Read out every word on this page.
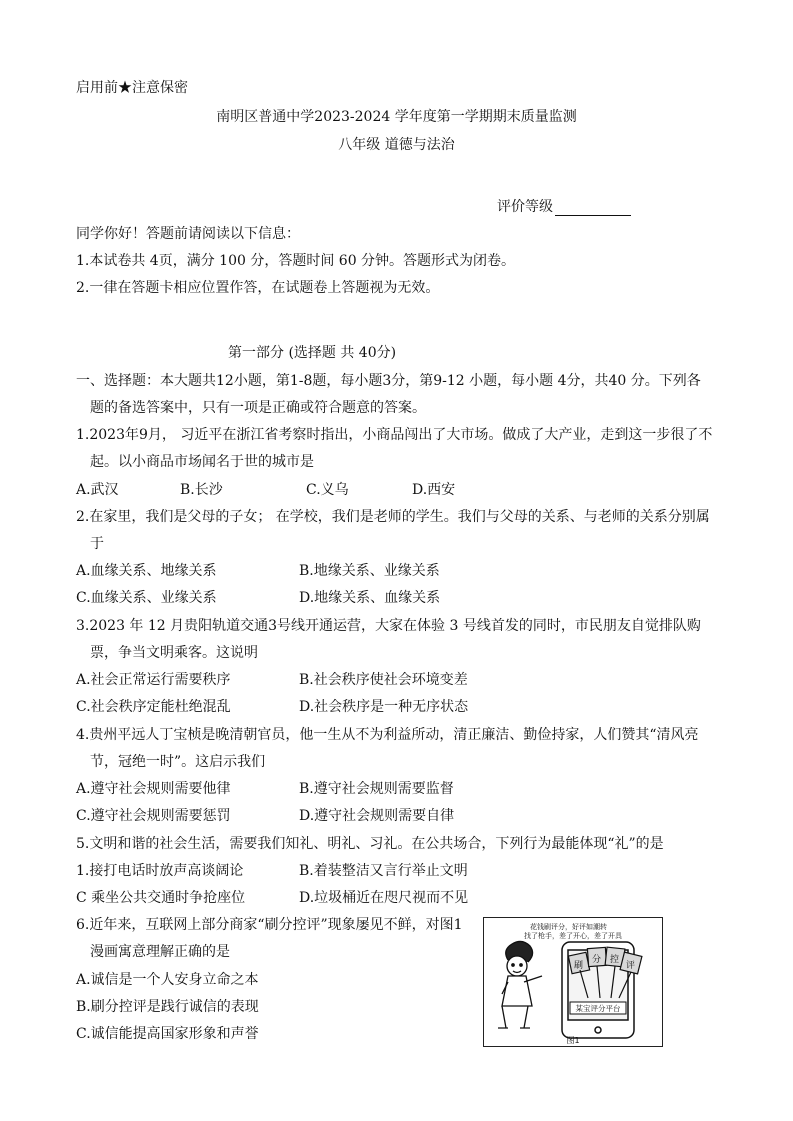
启用前★注意保密
南明区普通中学2023-2024 学年度第一学期期末质量监测
八年级 道德与法治
评价等级
同学你好！答题前请阅读以下信息：
1.本试卷共 4页，满分 100 分，答题时间 60 分钟。答题形式为闭卷。
2.一律在答题卡相应位置作答，在试题卷上答题视为无效。
第一部分 (选择题 共 40分)
一、选择题：本大题共12小题，第1-8题，每小题3分，第9-12 小题，每小题 4分，共40 分。下列各
题的备选答案中，只有一项是正确或符合题意的答案。
1.2023年9月， 习近平在浙江省考察时指出，小商品闯出了大市场。做成了大产业，走到这一步很了不
起。以小商品市场闻名于世的城市是
A.武汉	B.长沙	C.义乌	D.西安
2.在家里，我们是父母的子女； 在学校，我们是老师的学生。我们与父母的关系、与老师的关系分别属
于
A.血缘关系、地缘关系	B.地缘关系、业缘关系
C.血缘关系、业缘关系	D.地缘关系、血缘关系
3.2023 年 12 月贵阳轨道交通3号线开通运营，大家在体验 3 号线首发的同时，市民朋友自觉排队购
票，争当文明乘客。这说明
A.社会正常运行需要秩序	B.社会秩序使社会环境变差
C.社会秩序定能杜绝混乱	D.社会秩序是一种无序状态
4.贵州平远人丁宝桢是晚清朝官员，他一生从不为利益所动，清正廉洁、勤俭持家，人们赞其“清风亮
节，冠绝一时”。这启示我们
A.遵守社会规则需要他律	B.遵守社会规则需要监督
C.遵守社会规则需要惩罚	D.遵守社会规则需要自律
5.文明和谐的社会生活，需要我们知礼、明礼、习礼。在公共场合，下列行为最能体现“礼”的是
1.接打电话时放声高谈阔论	B.着装整洁又言行举止文明
C 乘坐公共交通时争抢座位	D.垃圾桶近在咫尺视而不见
6.近年来，互联网上部分商家“刷分控评”现象屡见不鲜，对图1
漫画寓意理解正确的是
A.诚信是一个人安身立命之本
B.刷分控评是践行诚信的表现
C.诚信能提高国家形象和声誉
花钱刷评分，好评如潮转
找了枪手，差了开心，差了开具
刷
分 控
评
某宝评分平台
图1
